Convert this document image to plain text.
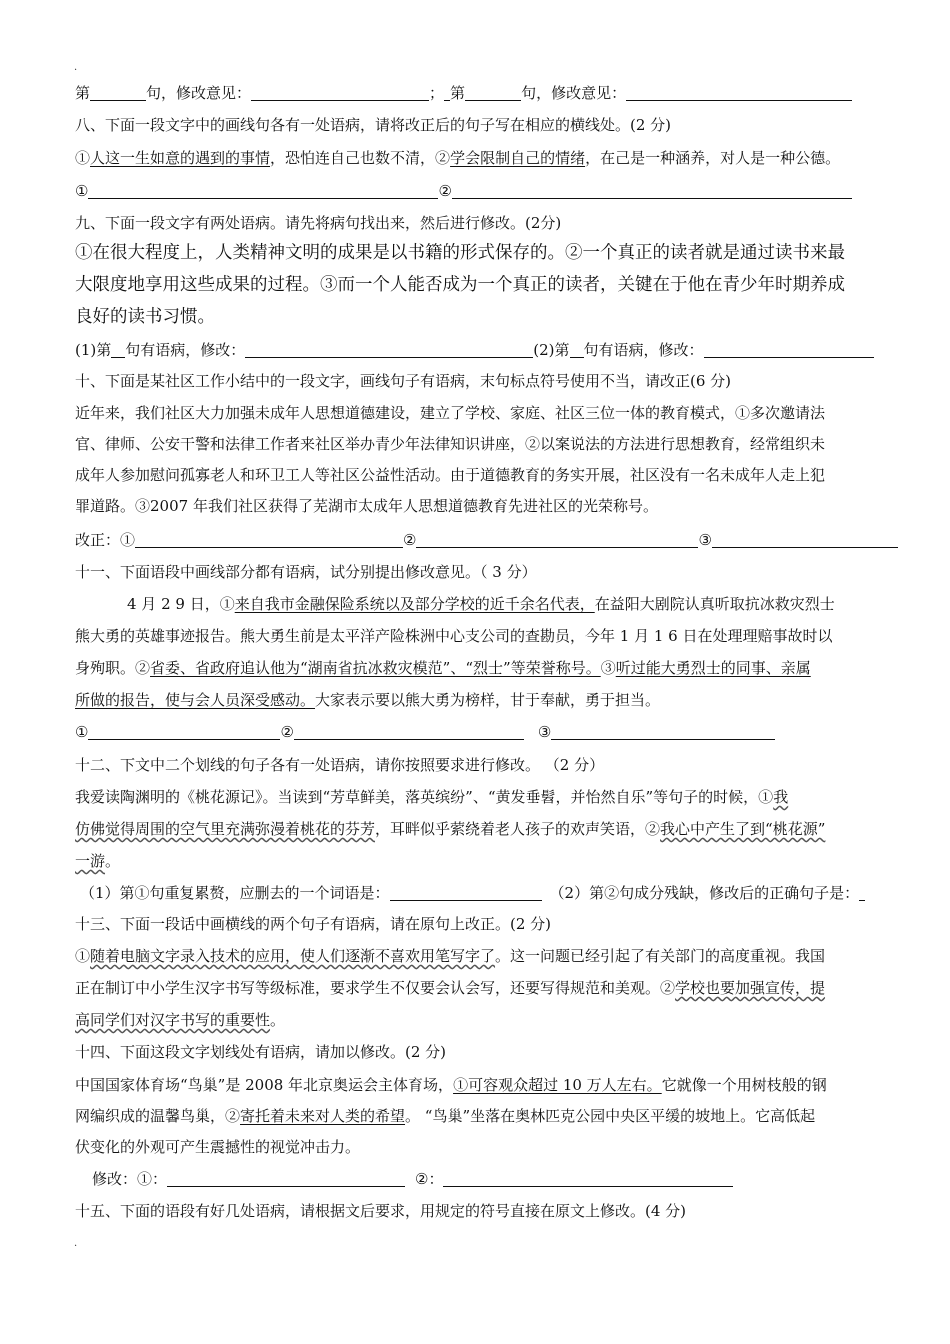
.
第	句，修改意见：	； 第	句，修改意见：
八、下面一段文字中的画线句各有一处语病，请将改正后的句子写在相应的横线处。(2 分)
①人这一生如意的遇到的事情，恐怕连自己也数不清，②学会限制自己的情绪，在己是一种涵养，对人是一种公德。
①	②
九、下面一段文字有两处语病。请先将病句找出来，然后进行修改。(2分)
①在很大程度上，人类精神文明的成果是以书籍的形式保存的。②一个真正的读者就是通过读书来最
大限度地享用这些成果的过程。③而一个人能否成为一个真正的读者，关键在于他在青少年时期养成
良好的读书习惯。
(1)第 句有语病，修改：	(2)第 句有语病，修改：
十、下面是某社区工作小结中的一段文字，画线句子有语病，末句标点符号使用不当，请改正(6 分)
近年来，我们社区大力加强未成年人思想道德建设，建立了学校、家庭、社区三位一体的教育模式，①多次邀请法
官、律师、公安干警和法律工作者来社区举办青少年法律知识讲座，②以案说法的方法进行思想教育，经常组织未
成年人参加慰问孤寡老人和环卫工人等社区公益性活动。由于道德教育的务实开展，社区没有一名未成年人走上犯
罪道路。③2007 年我们社区获得了芜湖市太成年人思想道德教育先进社区的光荣称号。
改正：①	②	③
十一、下面语段中画线部分都有语病，试分别提出修改意见。（ 3 分）
4 月 2 9 日，①来自我市金融保险系统以及部分学校的近千余名代表，在益阳大剧院认真听取抗冰救灾烈士
熊大勇的英雄事迹报告。熊大勇生前是太平洋产险株洲中心支公司的查勘员，今年 1 月 1 6 日在处理理赔事故时以
身殉职。②省委、省政府追认他为“湖南省抗冰救灾模范”、“烈士”等荣誉称号。③听过能大勇烈士的同事、亲属
所做的报告，使与会人员深受感动。大家表示要以熊大勇为榜样，甘于奉献，勇于担当。
①	②	③
十二、下文中二个划线的句子各有一处语病，请你按照要求进行修改。 （2 分）
我爱读陶渊明的《桃花源记》。当读到“芳草鲜美，落英缤纷”、“黄发垂髫，并怡然自乐”等句子的时候，①我
仿佛觉得周围的空气里充满弥漫着桃花的芬芳，耳畔似乎萦绕着老人孩子的欢声笑语，②我心中产生了到“桃花源”
一游。
（1）第①句重复累赘，应删去的一个词语是：	（2）第②句成分残缺，修改后的正确句子是：
十三、下面一段话中画横线的两个句子有语病，请在原句上改正。(2 分)
①随着电脑文字录入技术的应用，使人们逐渐不喜欢用笔写字了。这一问题已经引起了有关部门的高度重视。我国
正在制订中小学生汉字书写等级标准，要求学生不仅要会认会写，还要写得规范和美观。②学校也要加强宣传，提
高同学们对汉字书写的重要性。
十四、下面这段文字划线处有语病，请加以修改。(2 分)
中国国家体育场“鸟巢”是 2008 年北京奥运会主体育场，①可容观众超过 10 万人左右。它就像一个用树枝般的钢
网编织成的温馨鸟巢，②寄托着未来对人类的希望。 “鸟巢”坐落在奥林匹克公园中央区平缓的坡地上。它高低起
伏变化的外观可产生震撼性的视觉冲击力。
修改：①：	②：
十五、下面的语段有好几处语病，请根据文后要求，用规定的符号直接在原文上修改。(4 分)
.
